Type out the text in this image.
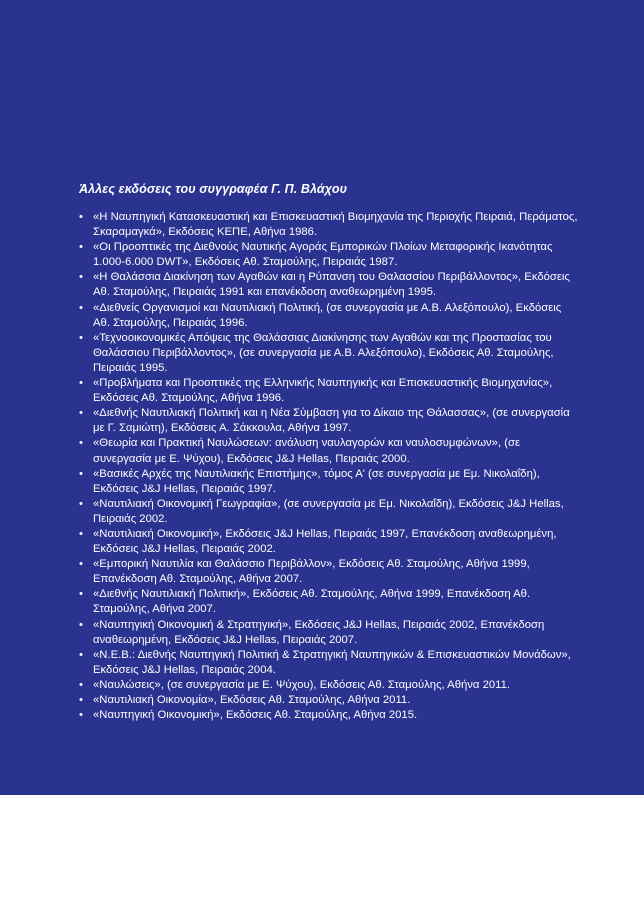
Άλλες εκδόσεις του συγγραφέα Γ. Π. Βλάχου
• «Η Ναυπηγική Κατασκευαστική και Επισκευαστική Βιομηχανία της Περιοχής Πειραιά, Περάματος, Σκαραμαγκά», Εκδόσεις ΚΕΠΕ, Αθήνα 1986.
• «Οι Προοπτικές της Διεθνούς Ναυτικής Αγοράς Εμπορικών Πλοίων Μεταφορικής Ικανότητας 1.000-6.000 DWT», Εκδόσεις Αθ. Σταμούλης, Πειραιάς 1987.
• «Η Θαλάσσια Διακίνηση των Αγαθών και η Ρύπανση του Θαλασσίου Περιβάλλοντος», Εκδόσεις Αθ. Σταμούλης, Πειραιάς 1991 και επανέκδοση αναθεωρημένη 1995.
• «Διεθνείς Οργανισμοί και Ναυτιλιακή Πολιτική, (σε συνεργασία με Α.Β. Αλεξόπουλο), Εκδόσεις Αθ. Σταμούλης, Πειραιάς 1996.
• «Τεχνοοικονομικές Απόψεις της Θαλάσσιας Διακίνησης των Αγαθών και της Προστασίας του Θαλάσσιου Περιβάλλοντος», (σε συνεργασία με Α.Β. Αλεξόπουλο), Εκδόσεις Αθ. Σταμούλης, Πειραιάς 1995.
• «Προβλήματα και Προοπτικές της Ελληνικής Ναυπηγικής και Επισκευαστικής Βιομηχανίας», Εκδόσεις Αθ. Σταμούλης, Αθήνα 1996.
• «Διεθνής Ναυτιλιακή Πολιτική και η Νέα Σύμβαση για το Δίκαιο της Θάλασσας», (σε συνεργασία με Γ. Σαμιώτη), Εκδόσεις Α. Σάκκουλα, Αθήνα 1997.
• «Θεωρία και Πρακτική Ναυλώσεων: ανάλυση ναυλαγορών και ναυλοσυμφώνων», (σε συνεργασία με Ε. Ψύχου), Εκδόσεις J&J Hellas, Πειραιάς 2000.
• «Βασικές Αρχές της Ναυτιλιακής Επιστήμης», τόμος Α' (σε συνεργασία με Εμ. Νικολαΐδη), Εκδόσεις J&J Hellas, Πειραιάς 1997.
• «Ναυτιλιακή Οικονομική Γεωγραφία», (σε συνεργασία με Εμ. Νικολαΐδη), Εκδόσεις J&J Hellas, Πειραιάς 2002.
• «Ναυτιλιακή Οικονομική», Εκδόσεις J&J Hellas, Πειραιάς 1997, Επανέκδοση αναθεωρημένη, Εκδόσεις J&J Hellas, Πειραιάς 2002.
• «Εμπορική Ναυτιλία και Θαλάσσιο Περιβάλλον», Εκδόσεις Αθ. Σταμούλης, Αθήνα 1999, Επανέκδοση Αθ. Σταμούλης, Αθήνα 2007.
• «Διεθνής Ναυτιλιακή Πολιτική», Εκδόσεις Αθ. Σταμούλης, Αθήνα 1999, Επανέκδοση Αθ. Σταμούλης, Αθήνα 2007.
• «Ναυπηγική Οικονομική & Στρατηγική», Εκδόσεις J&J Hellas, Πειραιάς 2002, Επανέκδοση αναθεωρημένη, Εκδόσεις J&J Hellas, Πειραιάς 2007.
• «Ν.Ε.Β.: Διεθνής Ναυπηγική Πολιτική & Στρατηγική Ναυπηγικών & Επισκευαστικών Μονάδων», Εκδόσεις J&J Hellas, Πειραιάς 2004.
• «Ναυλώσεις», (σε συνεργασία με Ε. Ψύχου), Εκδόσεις Αθ. Σταμούλης, Αθήνα 2011.
• «Ναυτιλιακή Οικονομία», Εκδόσεις Αθ. Σταμούλης, Αθήνα 2011.
• «Ναυπηγική Οικονομική», Εκδόσεις Αθ. Σταμούλης, Αθήνα 2015.
